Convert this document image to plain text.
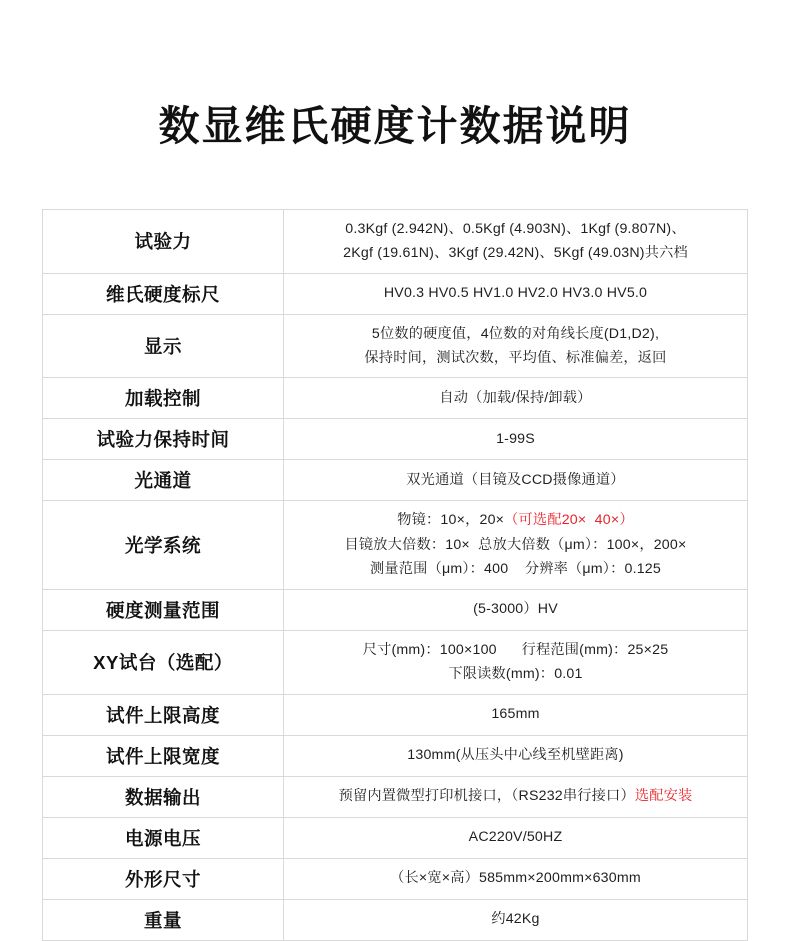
数显维氏硬度计数据说明
试验力	0.3Kgf (2.942N)、0.5Kgf (4.903N)、1Kgf (9.807N)、
2Kgf (19.61N)、3Kgf (29.42N)、5Kgf (49.03N)共六档

维氏硬度标尺	HV0.3 HV0.5 HV1.0 HV2.0 HV3.0 HV5.0

显示	5位数的硬度值，4位数的对角线长度(D1,D2),
保持时间，测试次数，平均值、标准偏差，返回

加载控制	自动（加载/保持/卸载）

试验力保持时间	1-99S

光通道	双光通道（目镜及CCD摄像通道）

光学系统	物镜：10×，20×（可选配20×  40×）
目镜放大倍数：10×  总放大倍数（μm）：100×，200×
测量范围（μm）：400    分辨率（μm）：0.125

硬度测量范围	(5-3000）HV

XY试台（选配）	尺寸(mm)：100×100      行程范围(mm)：25×25
下限读数(mm)：0.01

试件上限高度	165mm

试件上限宽度	130mm(从压头中心线至机壁距离)

数据输出	预留内置微型打印机接口，（RS232串行接口）选配安装

电源电压	AC220V/50HZ

外形尺寸	（长×宽×高）585mm×200mm×630mm

重量	约42Kg
